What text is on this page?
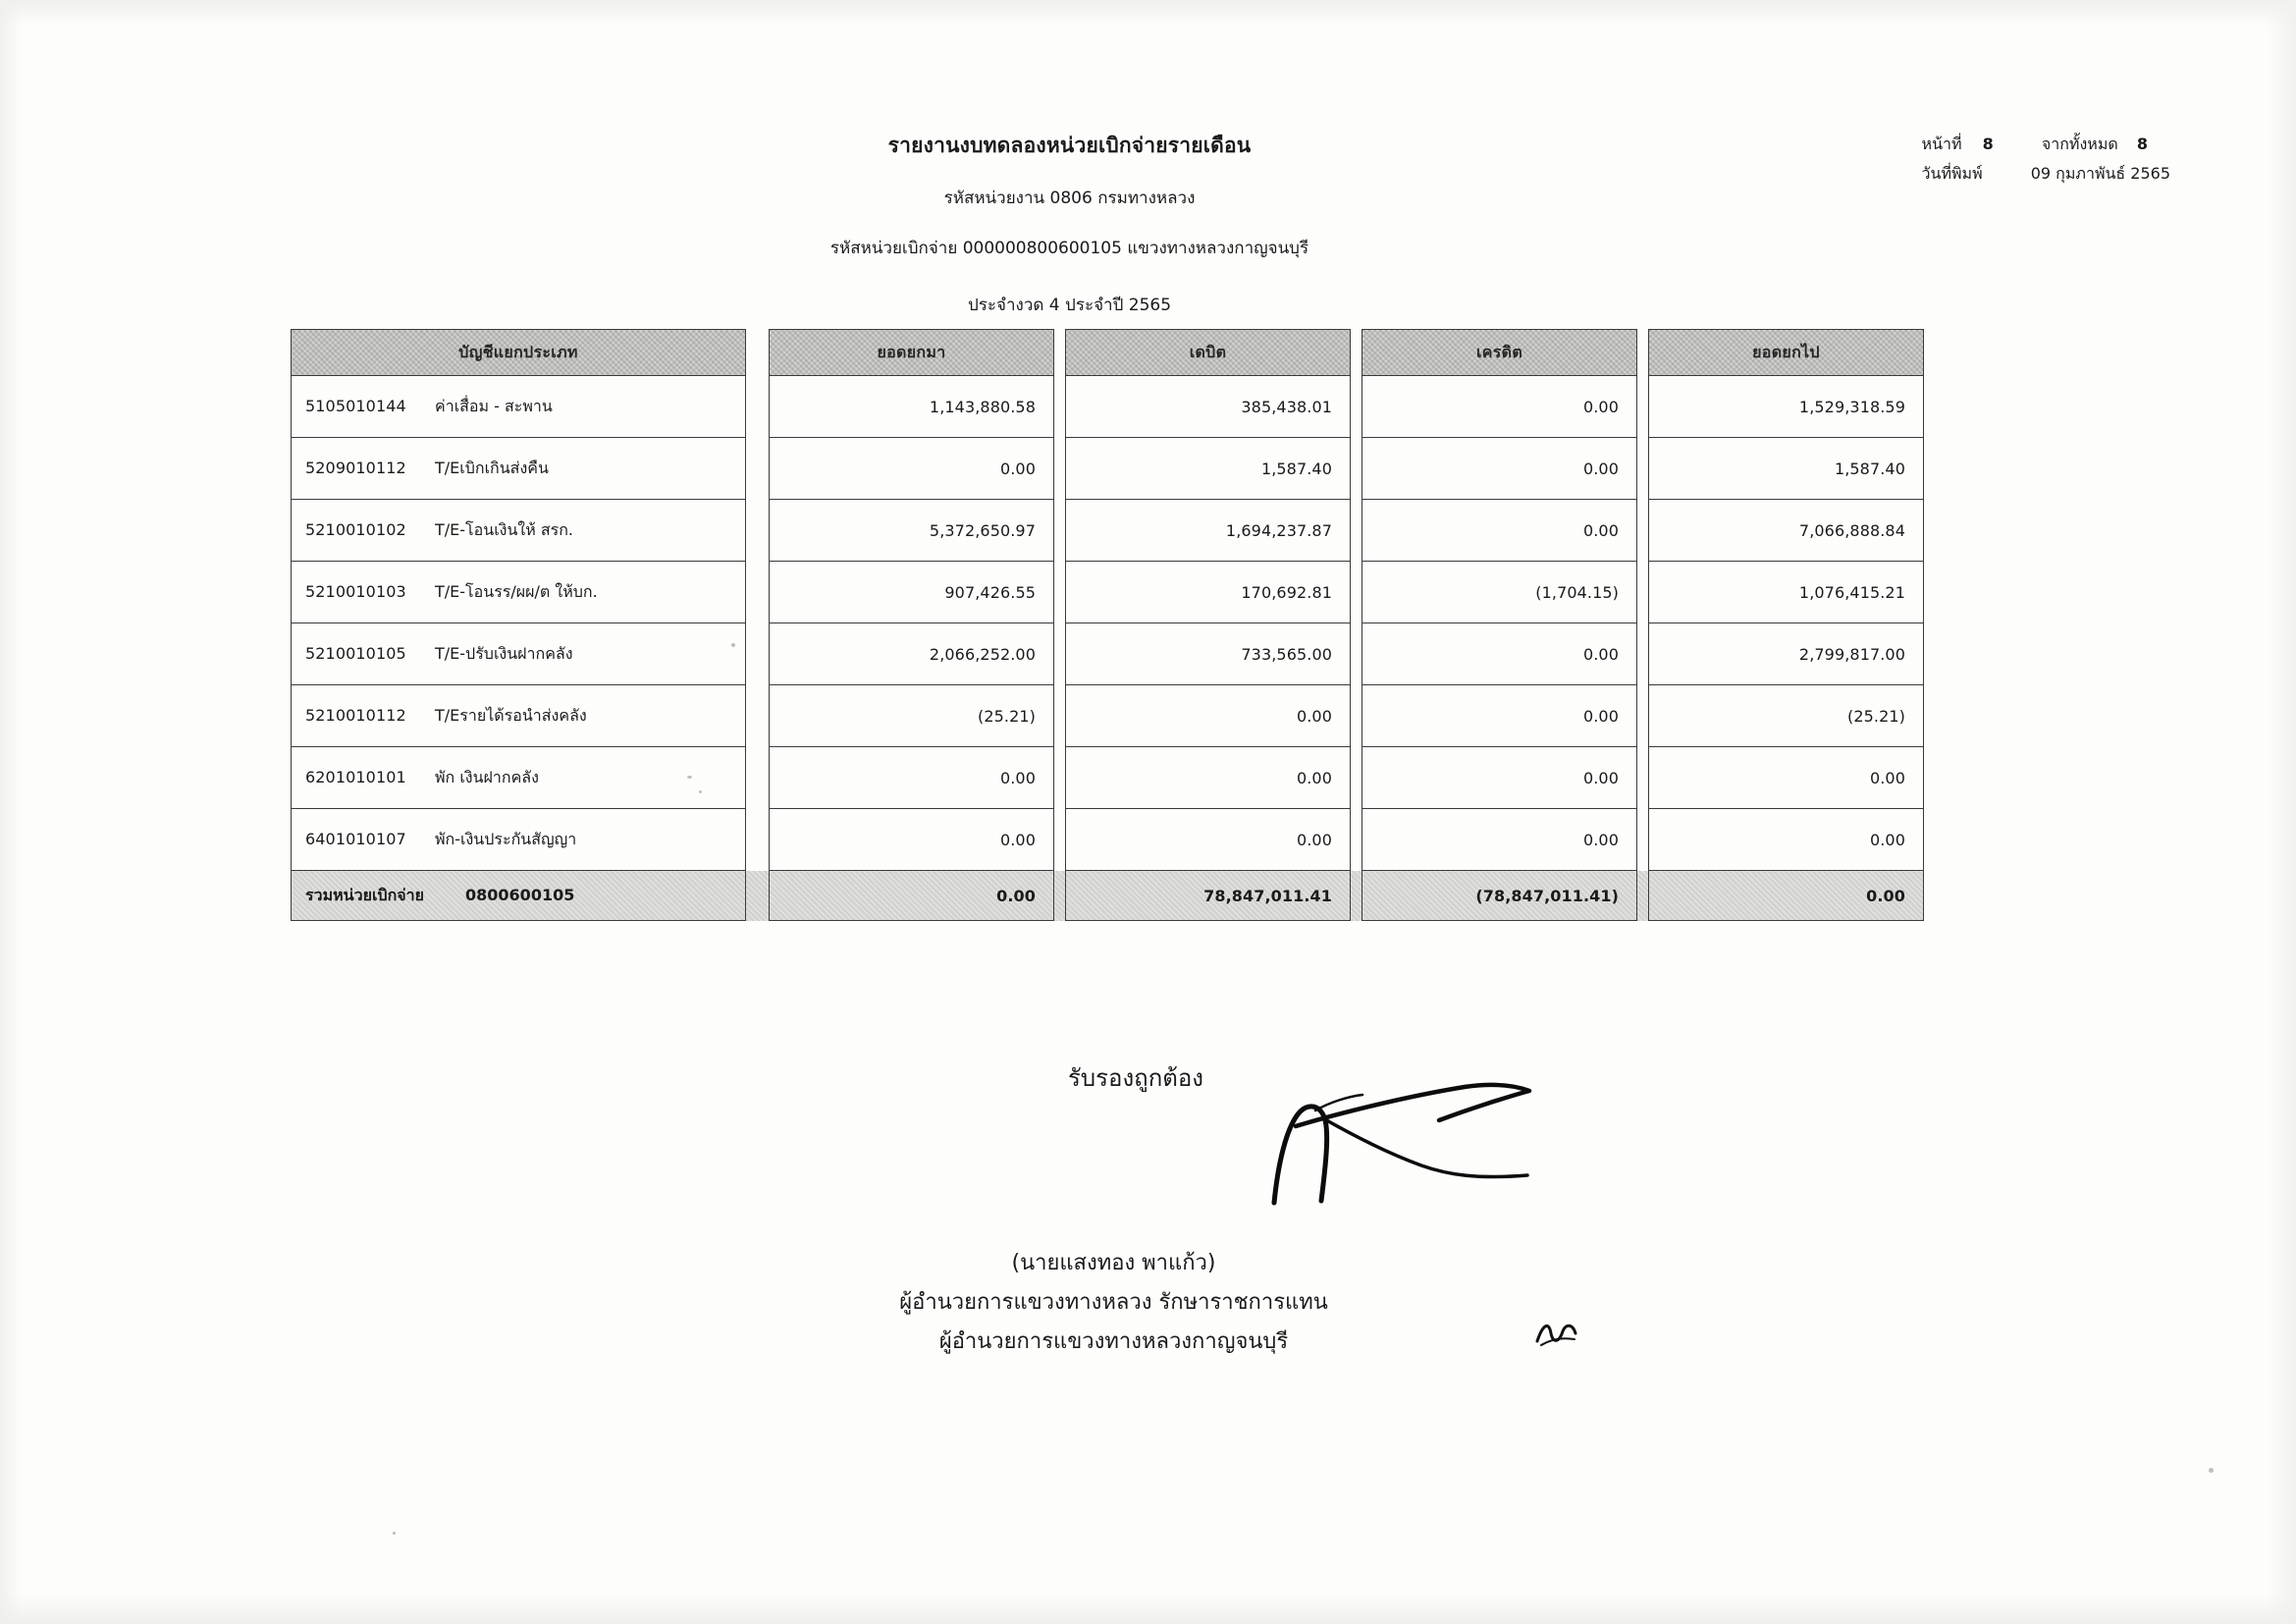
รายงานงบทดลองหน่วยเบิกจ่ายรายเดือน
รหัสหน่วยงาน 0806 กรมทางหลวง
รหัสหน่วยเบิกจ่าย 000000800600105 แขวงทางหลวงกาญจนบุรี
ประจำงวด 4 ประจำปี 2565
หน้าที่ 8	จากทั้งหมด 8
วันที่พิมพ์	09 กุมภาพันธ์ 2565
บัญชีแยกประเภท		ยอดยกมา		เดบิต		เครดิต		ยอดยกไป
5105010144 ค่าเสื่อม - สะพาน		1,143,880.58		385,438.01		0.00		1,529,318.59
5209010112 T/Eเบิกเกินส่งคืน		0.00		1,587.40		0.00		1,587.40
5210010102 T/E-โอนเงินให้ สรก.		5,372,650.97		1,694,237.87		0.00		7,066,888.84
5210010103 T/E-โอนรร/ผผ/ต ให้บก.		907,426.55		170,692.81		(1,704.15)		1,076,415.21
5210010105 T/E-ปรับเงินฝากคลัง		2,066,252.00		733,565.00		0.00		2,799,817.00
5210010112 T/Eรายได้รอนำส่งคลัง		(25.21)		0.00		0.00		(25.21)
6201010101 พัก เงินฝากคลัง		0.00		0.00		0.00		0.00
6401010107 พัก-เงินประกันสัญญา		0.00		0.00		0.00		0.00
รวมหน่วยเบิกจ่าย 0800600105		0.00		78,847,011.41		(78,847,011.41)		0.00
รับรองถูกต้อง
(นายแสงทอง พาแก้ว)
ผู้อำนวยการแขวงทางหลวง รักษาราชการแทน
ผู้อำนวยการแขวงทางหลวงกาญจนบุรี
